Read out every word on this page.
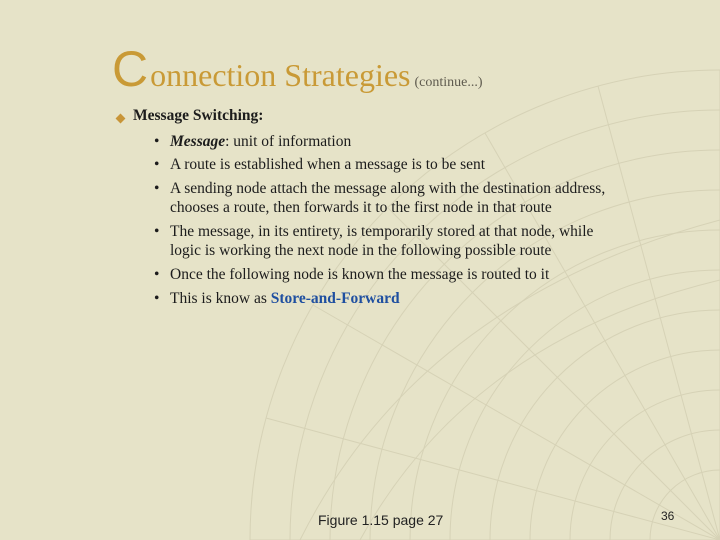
Connection Strategies (continue...)
Message Switching:
• Message: unit of information
• A route is established when a message is to be sent
• A sending node attach the message along with the destination address,
chooses a route, then forwards it to the first node in that route
• The message, in its entirety, is temporarily stored at that node, while
logic is working the next node in the following possible route
• Once the following node is known the message is routed to it
• This is know as Store-and-Forward
Figure 1.15 page 27	36
